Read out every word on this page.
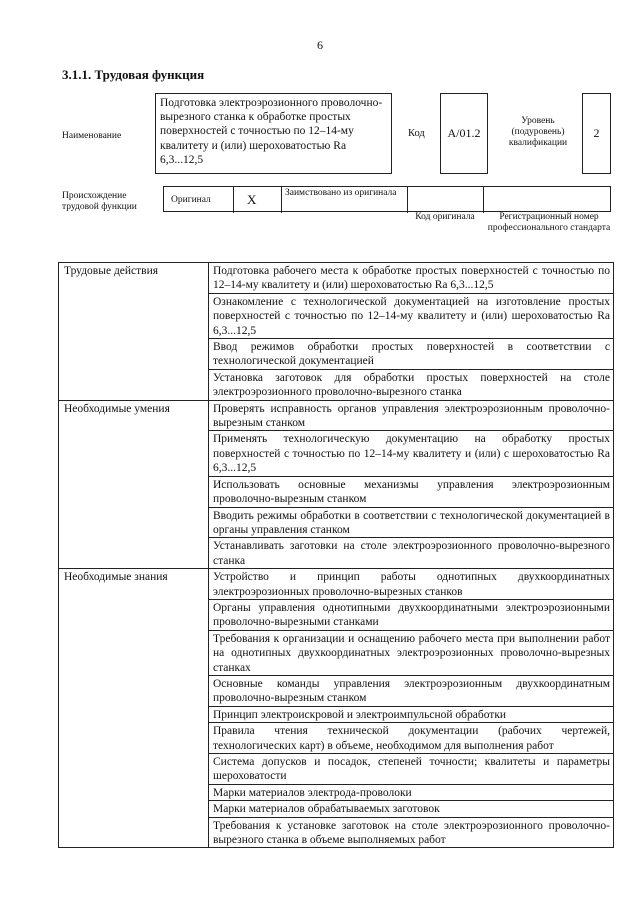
6
3.1.1. Трудовая функция
Наименование
Подготовка электроэрозионного проволочно-вырезного станка к обработке простых поверхностей с точностью по 12–14-му квалитету и (или) шероховатостью Ra 6,3...12,5
Код А/01.2
Уровень (подуровень) квалификации
2
Происхождение трудовой функции
Оригинал	X	Заимствовано из оригинала
Код оригинала	Регистрационный номер профессионального стандарта
Трудовые действия	Подготовка рабочего места к обработке простых поверхностей с точностью по 12–14-му квалитету и (или) шероховатостью Ra 6,3...12,5
	Ознакомление с технологической документацией на изготовление простых поверхностей с точностью по 12–14-му квалитету и (или) шероховатостью Ra 6,3...12,5
	Ввод режимов обработки простых поверхностей в соответствии с технологической документацией
	Установка заготовок для обработки простых поверхностей на столе электроэрозионного проволочно-вырезного станка
Необходимые умения	Проверять исправность органов управления электроэрозионным проволочно-вырезным станком
	Применять технологическую документацию на обработку простых поверхностей с точностью по 12–14-му квалитету и (или) с шероховатостью Ra 6,3...12,5
	Использовать основные механизмы управления электроэрозионным проволочно-вырезным станком
	Вводить режимы обработки в соответствии с технологической документацией в органы управления станком
	Устанавливать заготовки на столе электроэрозионного проволочно-вырезного станка
Необходимые знания	Устройство и принцип работы однотипных двухкоординатных электроэрозионных проволочно-вырезных станков
	Органы управления однотипными двухкоординатными электроэрозионными проволочно-вырезными станками
	Требования к организации и оснащению рабочего места при выполнении работ на однотипных двухкоординатных электроэрозионных проволочно-вырезных станках
	Основные команды управления электроэрозионным двухкоординатным проволочно-вырезным станком
	Принцип электроискровой и электроимпульсной обработки
	Правила чтения технической документации (рабочих чертежей, технологических карт) в объеме, необходимом для выполнения работ
	Система допусков и посадок, степеней точности; квалитеты и параметры шероховатости
	Марки материалов электрода-проволоки
	Марки материалов обрабатываемых заготовок
	Требования к установке заготовок на столе электроэрозионного проволочно-вырезного станка в объеме выполняемых работ
